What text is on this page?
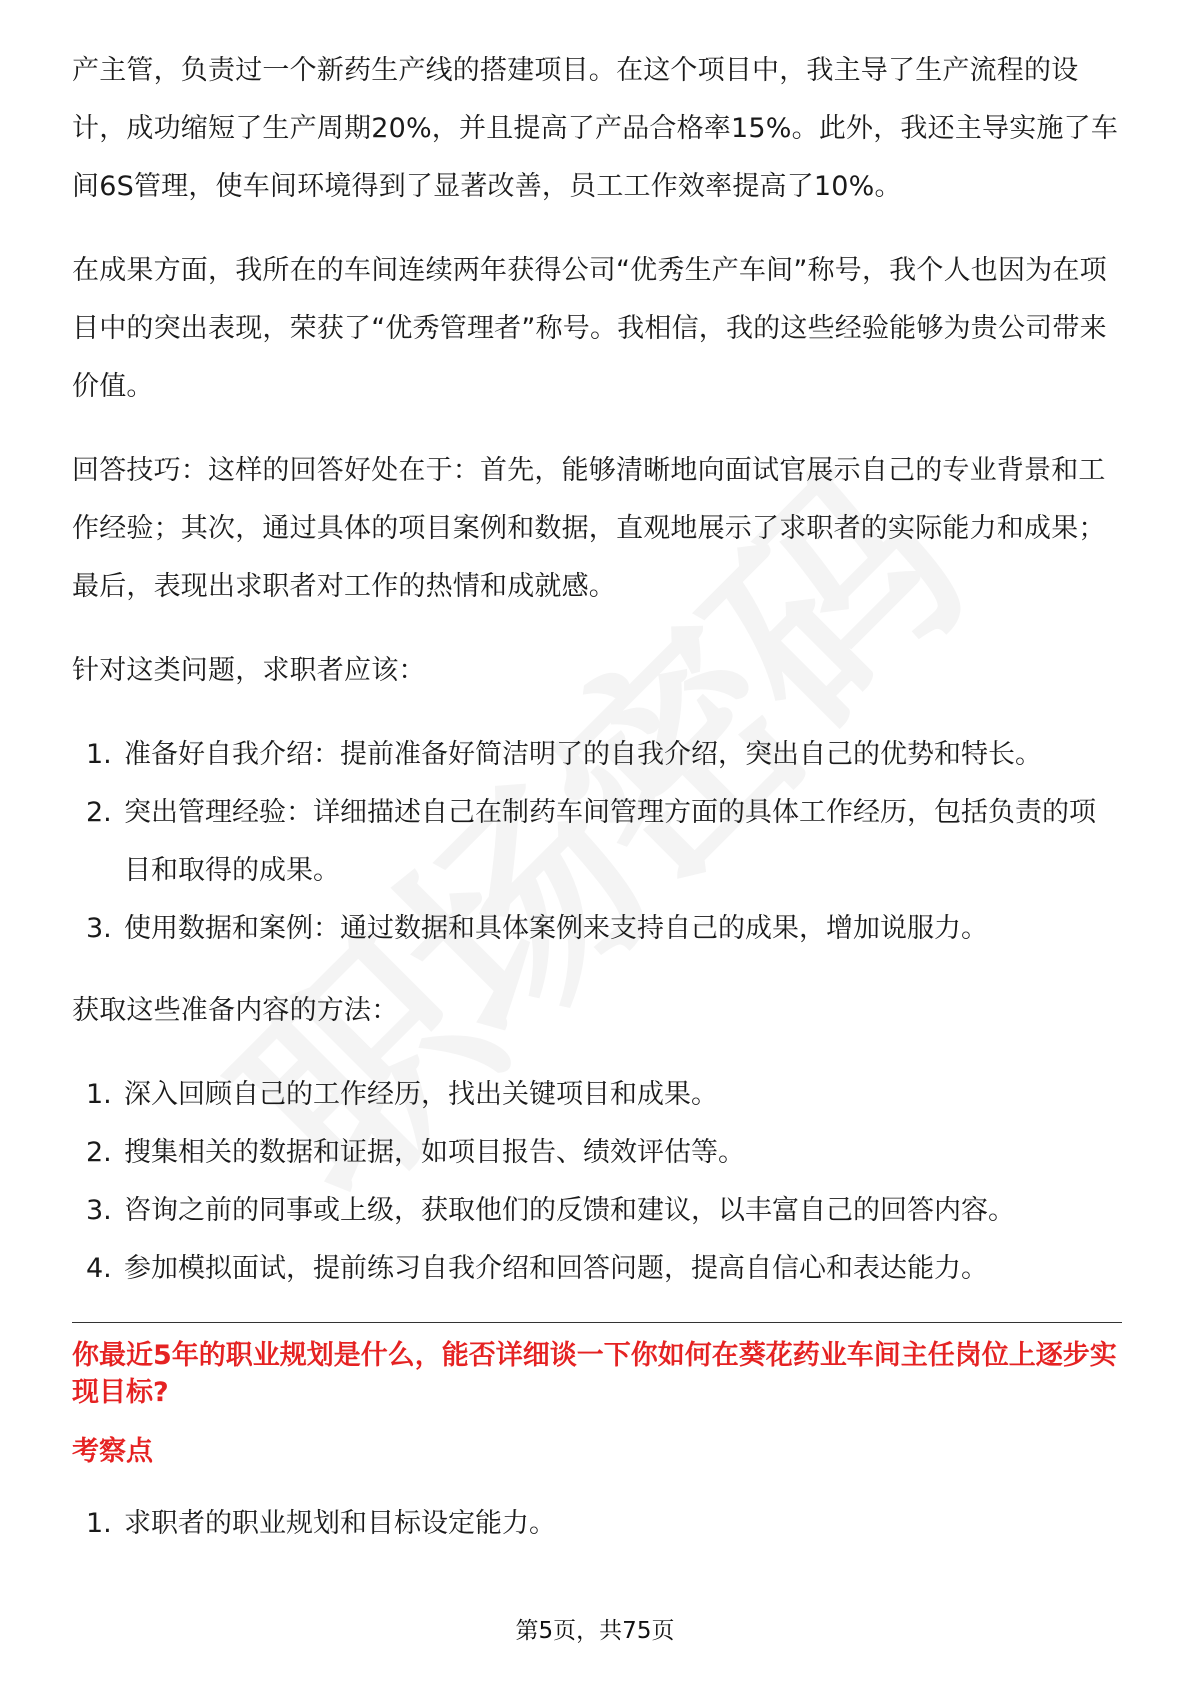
产主管，负责过一个新药生产线的搭建项目。在这个项目中，我主导了生产流程的设计，成功缩短了生产周期20%，并且提高了产品合格率15%。此外，我还主导实施了车间6S管理，使车间环境得到了显著改善，员工工作效率提高了10%。

在成果方面，我所在的车间连续两年获得公司“优秀生产车间”称号，我个人也因为在项目中的突出表现，荣获了“优秀管理者”称号。我相信，我的这些经验能够为贵公司带来价值。

回答技巧：这样的回答好处在于：首先，能够清晰地向面试官展示自己的专业背景和工作经验；其次，通过具体的项目案例和数据，直观地展示了求职者的实际能力和成果；最后，表现出求职者对工作的热情和成就感。

针对这类问题，求职者应该：

1. 准备好自我介绍：提前准备好简洁明了的自我介绍，突出自己的优势和特长。
2. 突出管理经验：详细描述自己在制药车间管理方面的具体工作经历，包括负责的项目和取得的成果。
3. 使用数据和案例：通过数据和具体案例来支持自己的成果，增加说服力。

获取这些准备内容的方法：

1. 深入回顾自己的工作经历，找出关键项目和成果。
2. 搜集相关的数据和证据，如项目报告、绩效评估等。
3. 咨询之前的同事或上级，获取他们的反馈和建议，以丰富自己的回答内容。
4. 参加模拟面试，提前练习自我介绍和回答问题，提高自信心和表达能力。
你最近5年的职业规划是什么，能否详细谈一下你如何在葵花药业车间主任岗位上逐步实现目标?
考察点
1. 求职者的职业规划和目标设定能力。
第5页，共75页
